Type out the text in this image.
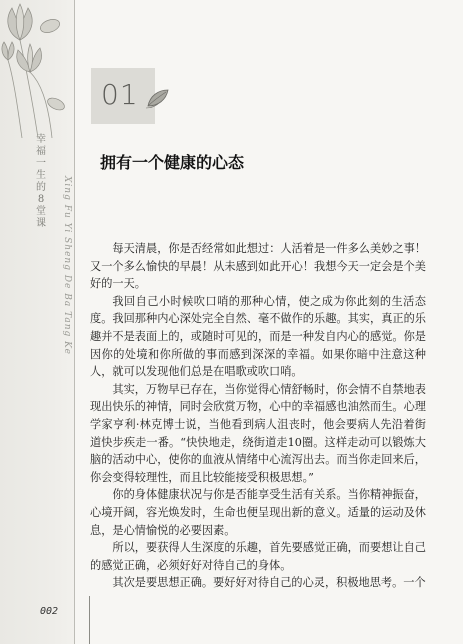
幸福一生的8堂课 Xing Fu Yi Sheng De Ba Tang Ke
01
拥有一个健康的心态

每天清晨，你是否经常如此想过：人活着是一件多么美妙之事！又一个多么愉快的早晨！从未感到如此开心！我想今天一定会是个美好的一天。

我回自己小时候吹口哨的那种心情，使之成为你此刻的生活态度。我回那种内心深处完全自然、毫不做作的乐趣。其实，真正的乐趣并不是表面上的，或随时可见的，而是一种发自内心的感觉。你是因你的处境和你所做的事而感到深深的幸福。如果你暗中注意这种人，就可以发现他们总是在唱歌或吹口哨。

其实，万物早已存在，当你觉得心情舒畅时，你会情不自禁地表现出快乐的神情，同时会欣赏万物，心中的幸福感也油然而生。心理学家亨利·林克博士说，当他看到病人沮丧时，他会要病人先沿着街道快步疾走一番。“快快地走，绕街道走10圈。这样走动可以锻炼大脑的活动中心，使你的血液从情绪中心流泻出去。而当你走回来后，你会变得较理性，而且比较能接受积极思想。”

你的身体健康状况与你是否能享受生活有关系。当你精神振奋，心境开阔，容光焕发时，生命也便呈现出新的意义。适量的运动及休息，是心情愉悦的必要因素。

所以，要获得人生深度的乐趣，首先要感觉正确，而要想让自己的感觉正确，必须好好对待自己的身体。

其次是要思想正确。要好好对待自己的心灵，积极地思考。一个

002
